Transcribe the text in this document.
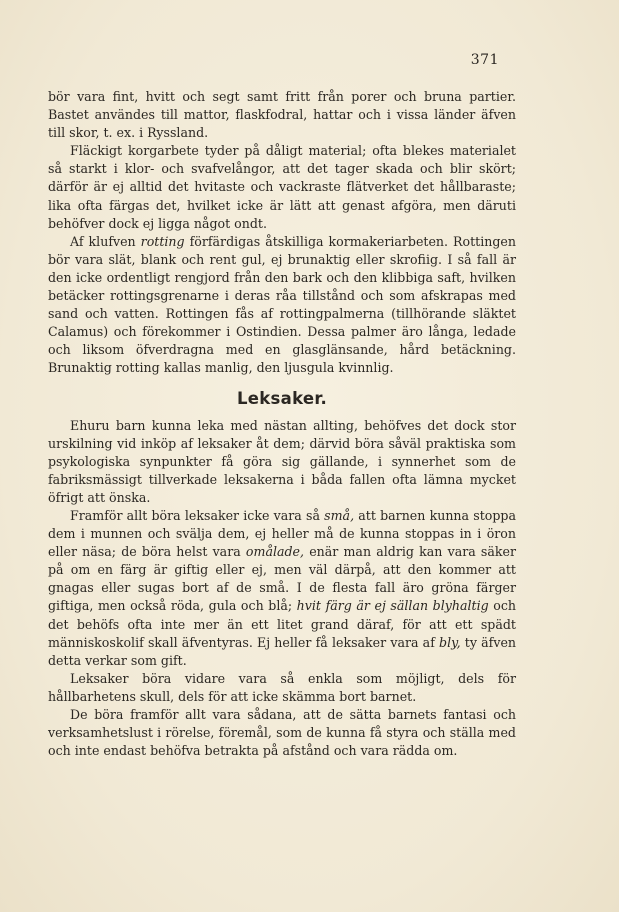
371

bör vara fint, hvitt och segt samt fritt från porer och bruna partier. Bastet användes till mattor, flaskfodral, hattar och i vissa länder äfven till skor, t. ex. i Ryssland.

Fläckigt korgarbete tyder på dåligt material; ofta blekes materialet så starkt i klor- och svafvelångor, att det tager skada och blir skört; därför är ej alltid det hvitaste och vackraste flätverket det hållbaraste; lika ofta färgas det, hvilket icke är lätt att genast afgöra, men däruti behöfver dock ej ligga något ondt.

Af klufven rotting förfärdigas åtskilliga kormakeriarbeten. Rottingen bör vara slät, blank och rent gul, ej brunaktig eller skrofiig. I så fall är den icke ordentligt rengjord från den bark och den klibbiga saft, hvilken betäcker rottingsgrenarne i deras råa tillstånd och som afskrapas med sand och vatten. Rottingen fås af rottingpalmerna (tillhörande släktet Calamus) och förekommer i Ostindien. Dessa palmer äro långa, ledade och liksom öfverdragna med en glasglänsande, hård betäckning. Brunaktig rotting kallas manlig, den ljusgula kvinnlig.

Leksaker.

Ehuru barn kunna leka med nästan allting, behöfves det dock stor urskilning vid inköp af leksaker åt dem; därvid böra såväl praktiska som psykologiska synpunkter få göra sig gällande, i synnerhet som de fabriksmässigt tillverkade leksakerna i båda fallen ofta lämna mycket öfrigt att önska.

Framför allt böra leksaker icke vara så små, att barnen kunna stoppa dem i munnen och svälja dem, ej heller må de kunna stoppas in i öron eller näsa; de böra helst vara omålade, enär man aldrig kan vara säker på om en färg är giftig eller ej, men väl därpå, att den kommer att gnagas eller sugas bort af de små. I de flesta fall äro gröna färger giftiga, men också röda, gula och blå; hvit färg är ej sällan blyhaltig och det behöfs ofta inte mer än ett litet grand däraf, för att ett spädt människoskolif skall äfventyras. Ej heller få leksaker vara af bly, ty äfven detta verkar som gift.

Leksaker böra vidare vara så enkla som möjligt, dels för hållbarhetens skull, dels för att icke skämma bort barnet.

De böra framför allt vara sådana, att de sätta barnets fantasi och verksamhetslust i rörelse, föremål, som de kunna få styra och ställa med och inte endast behöfva betrakta på afstånd och vara rädda om.
